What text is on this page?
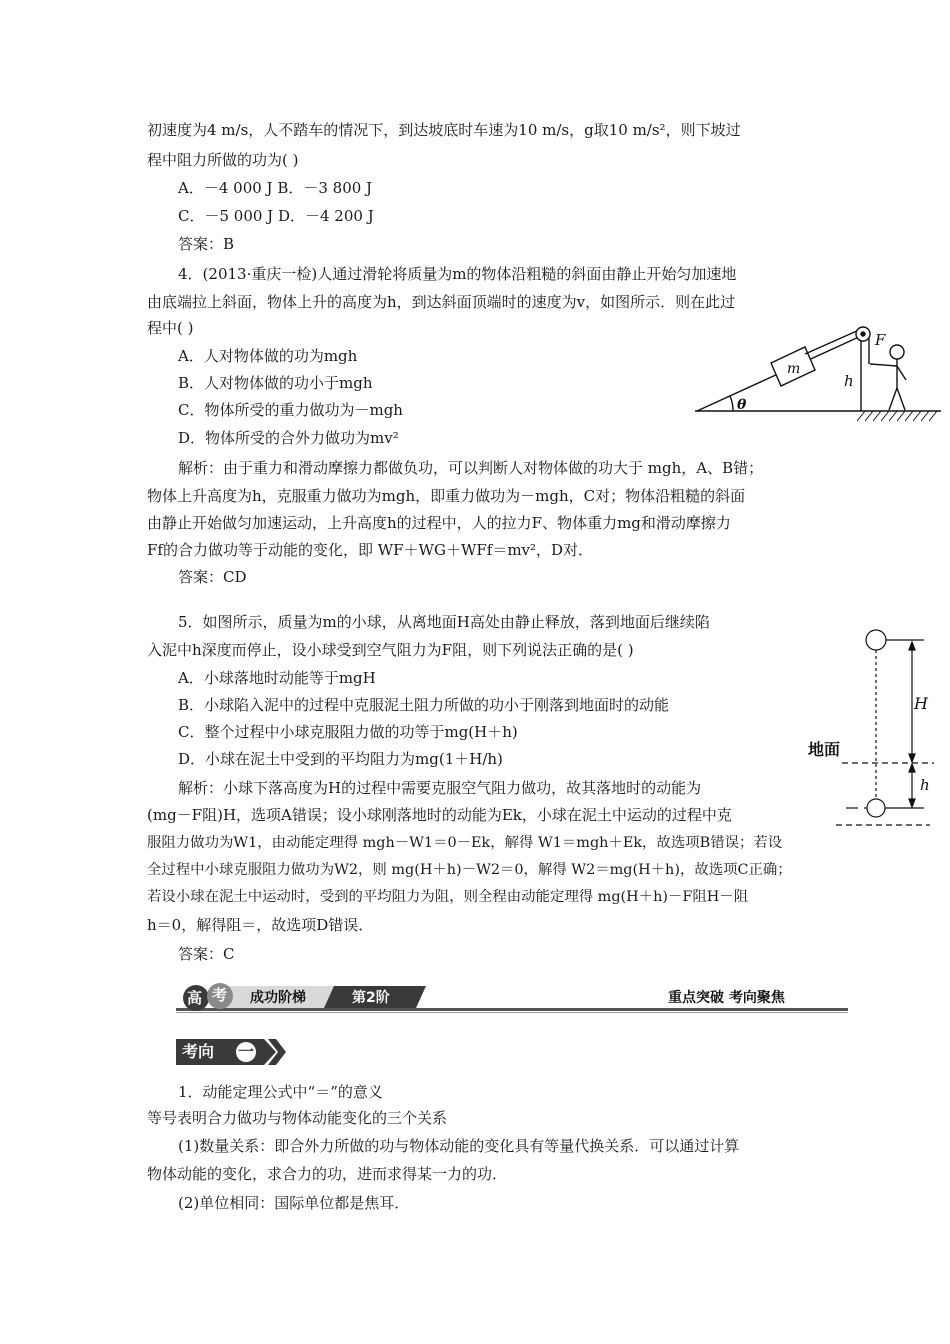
初速度为4 m/s，人不踏车的情况下，到达坡底时车速为10 m/s，g取10 m/s²，则下坡过
程中阻力所做的功为( )
A．－4 000 J B．－3 800 J
C．－5 000 J D．－4 200 J
答案：B
4．(2013·重庆一检)人通过滑轮将质量为m的物体沿粗糙的斜面由静止开始匀加速地
由底端拉上斜面，物体上升的高度为h，到达斜面顶端时的速度为v，如图所示．则在此过
程中( )
A．人对物体做的功为mgh
B．人对物体做的功小于mgh
C．物体所受的重力做功为－mgh
D．物体所受的合外力做功为mv²
解析：由于重力和滑动摩擦力都做负功，可以判断人对物体做的功大于 mgh，A、B错；
物体上升高度为h，克服重力做功为mgh，即重力做功为－mgh，C对；物体沿粗糙的斜面
由静止开始做匀加速运动，上升高度h的过程中，人的拉力F、物体重力mg和滑动摩擦力
Ff的合力做功等于动能的变化，即 WF＋WG＋WFf＝mv²，D对．
答案：CD
m
F
h
θ
5．如图所示，质量为m的小球，从离地面H高处由静止释放，落到地面后继续陷
入泥中h深度而停止，设小球受到空气阻力为F阻，则下列说法正确的是( )
A．小球落地时动能等于mgH
B．小球陷入泥中的过程中克服泥土阻力所做的功小于刚落到地面时的动能
C．整个过程中小球克服阻力做的功等于mg(H＋h)
D．小球在泥土中受到的平均阻力为mg(1＋H/h)
解析：小球下落高度为H的过程中需要克服空气阻力做功，故其落地时的动能为
(mg－F阻)H，选项A错误；设小球刚落地时的动能为Ek，小球在泥土中运动的过程中克
服阻力做功为W1，由动能定理得 mgh－W1＝0－Ek，解得 W1＝mgh＋Ek，故选项B错误；若设
全过程中小球克服阻力做功为W2，则 mg(H＋h)－W2＝0，解得 W2＝mg(H＋h)，故选项C正确；
若设小球在泥土中运动时，受到的平均阻力为阻，则全程由动能定理得 mg(H＋h)－F阻H－阻
h＝0，解得阻＝，故选项D错误．
答案：C
H
h
地面
高 考 成功阶梯	第2阶	重点突破 考向聚焦
考向 一
1．动能定理公式中“＝”的意义
等号表明合力做功与物体动能变化的三个关系
(1)数量关系：即合外力所做的功与物体动能的变化具有等量代换关系．可以通过计算
物体动能的变化，求合力的功，进而求得某一力的功．
(2)单位相同：国际单位都是焦耳．
